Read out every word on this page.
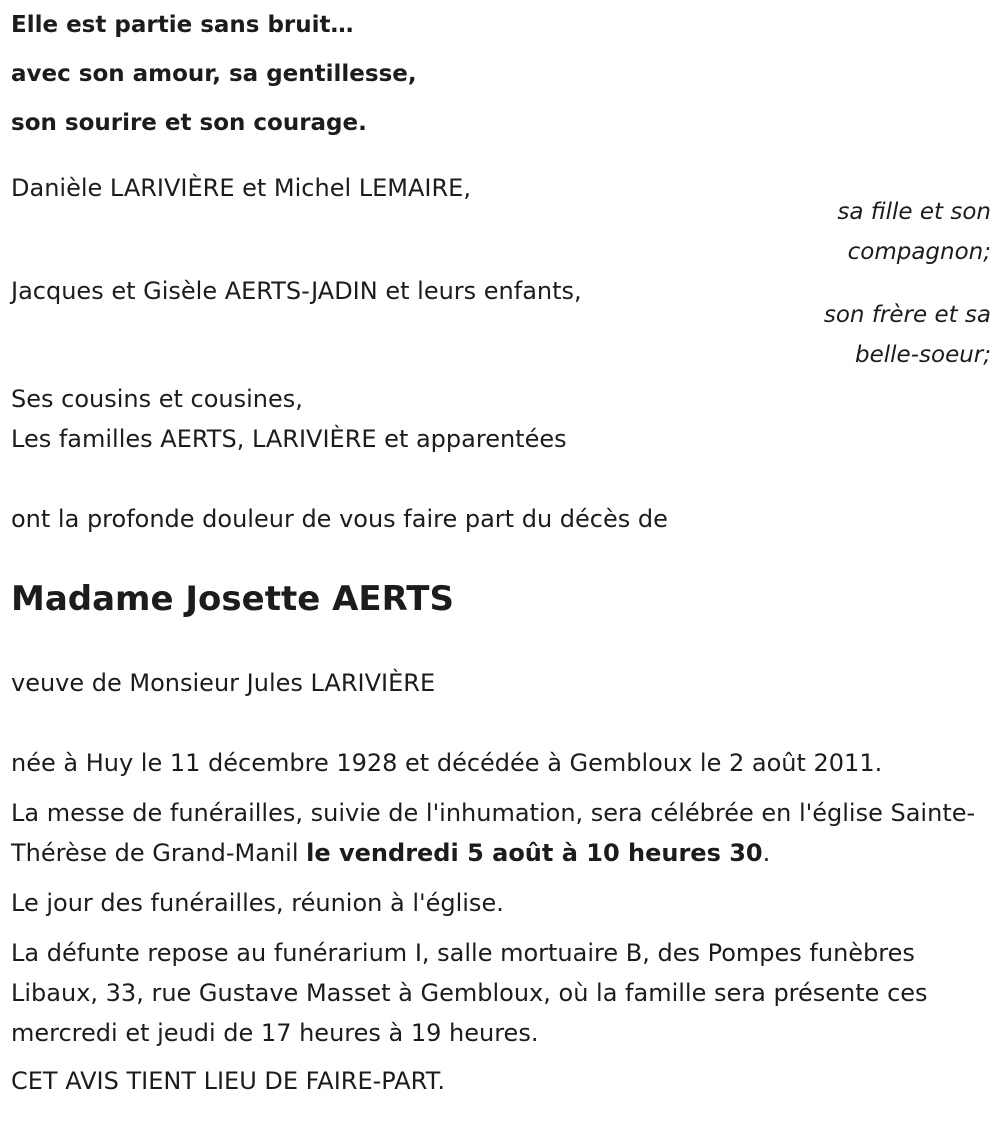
Elle est partie sans bruit…
avec son amour, sa gentillesse,
son sourire et son courage.
Danièle LARIVIÈRE et Michel LEMAIRE,
sa fille et son
compagnon;
Jacques et Gisèle AERTS-JADIN et leurs enfants,
son frère et sa
belle-soeur;
Ses cousins et cousines,
Les familles AERTS, LARIVIÈRE et apparentées
ont la profonde douleur de vous faire part du décès de
Madame Josette AERTS
veuve de Monsieur Jules LARIVIÈRE
née à Huy le 11 décembre 1928 et décédée à Gembloux le 2 août 2011.
La messe de funérailles, suivie de l'inhumation, sera célébrée en l'église Sainte-Thérèse de Grand-Manil le vendredi 5 août à 10 heures 30.
Le jour des funérailles, réunion à l'église.
La défunte repose au funérarium I, salle mortuaire B, des Pompes funèbres Libaux, 33, rue Gustave Masset à Gembloux, où la famille sera présente ces mercredi et jeudi de 17 heures à 19 heures.
CET AVIS TIENT LIEU DE FAIRE-PART.
